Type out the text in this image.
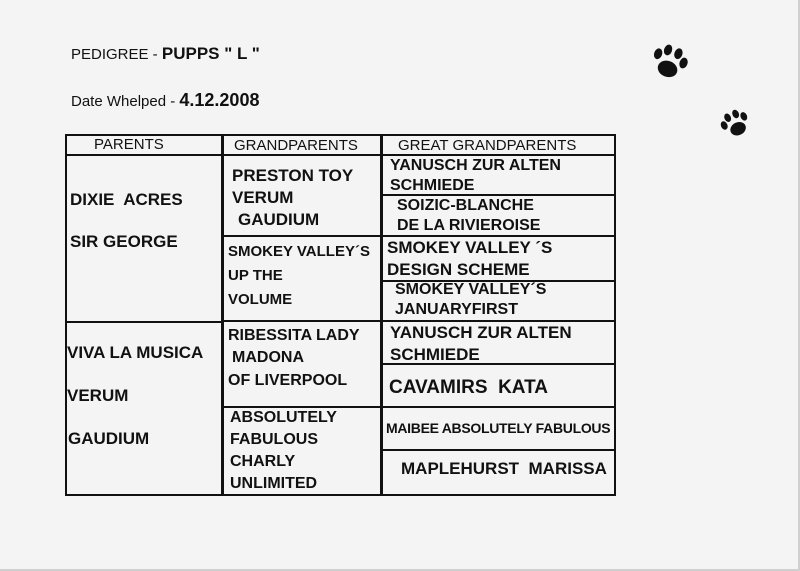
PEDIGREE - PUPPS " L "
Date Whelped - 4.12.2008
PARENTS	GRANDPARENTS	GREAT GRANDPARENTS
DIXIE  ACRES
SIR GEORGE
VIVA LA MUSICA
VERUM
GAUDIUM
PRESTON TOY
VERUM
GAUDIUM
SMOKEY VALLEY´S
UP THE
VOLUME
RIBESSITA LADY
MADONA
OF LIVERPOOL
ABSOLUTELY
FABULOUS
CHARLY
UNLIMITED
YANUSCH ZUR ALTEN
SCHMIEDE
SOIZIC-BLANCHE
DE LA RIVIEROISE
SMOKEY VALLEY ´S
DESIGN SCHEME
SMOKEY VALLEY´S
JANUARYFIRST
YANUSCH ZUR ALTEN
SCHMIEDE
CAVAMIRS  KATA
MAIBEE ABSOLUTELY FABULOUS
MAPLEHURST  MARISSA
